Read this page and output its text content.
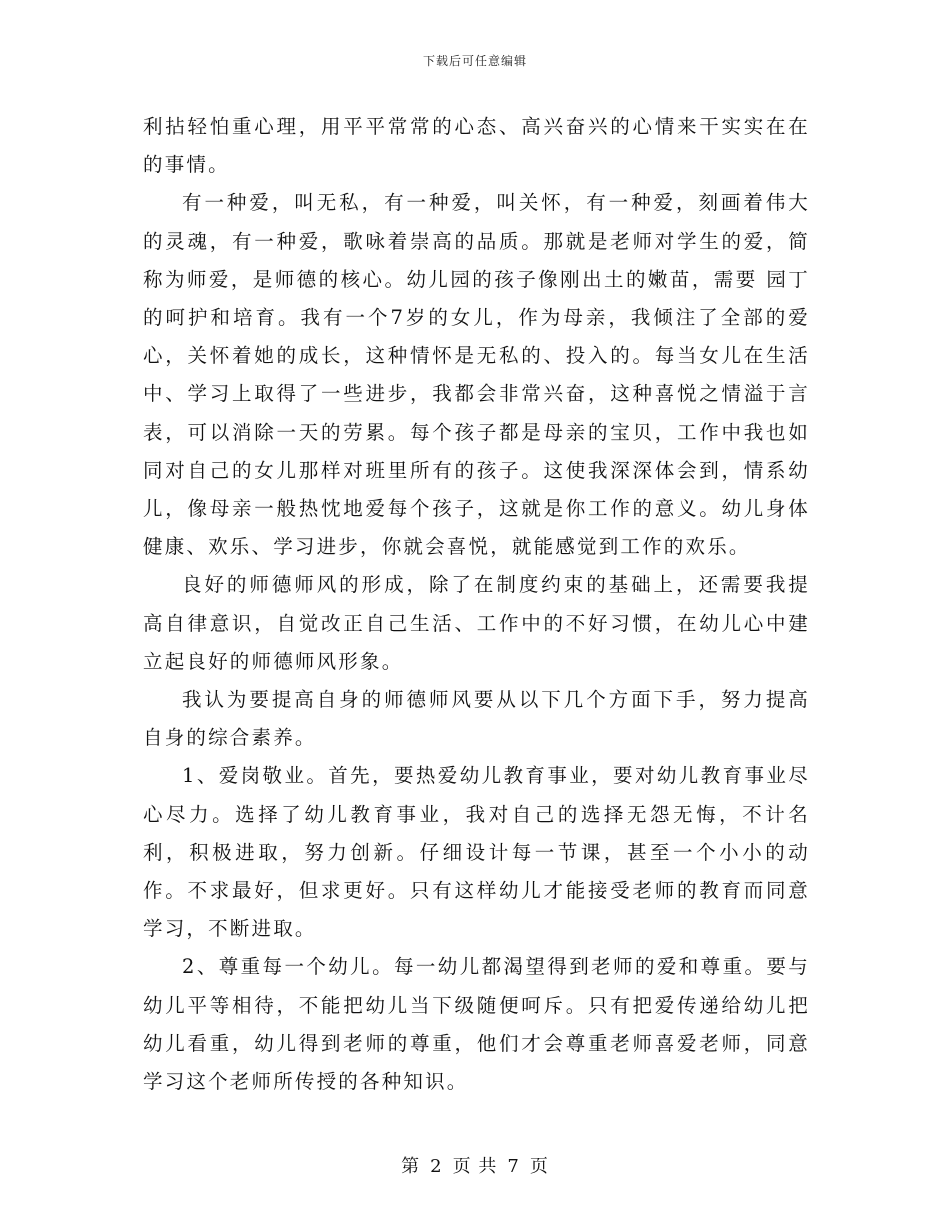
下载后可任意编辑

利拈轻怕重心理，用平平常常的心态、高兴奋兴的心情来干实实在在的事情。

有一种爱，叫无私，有一种爱，叫关怀，有一种爱，刻画着伟大的灵魂，有一种爱，歌咏着崇高的品质。那就是老师对学生的爱，简称为师爱，是师德的核心。幼儿园的孩子像刚出土的嫩苗，需要 园丁的呵护和培育。我有一个7岁的女儿，作为母亲，我倾注了全部的爱心，关怀着她的成长，这种情怀是无私的、投入的。每当女儿在生活中、学习上取得了一些进步，我都会非常兴奋，这种喜悦之情溢于言表，可以消除一天的劳累。每个孩子都是母亲的宝贝，工作中我也如同对自己的女儿那样对班里所有的孩子。这使我深深体会到，情系幼儿，像母亲一般热忱地爱每个孩子，这就是你工作的意义。幼儿身体健康、欢乐、学习进步，你就会喜悦，就能感觉到工作的欢乐。

良好的师德师风的形成，除了在制度约束的基础上，还需要我提高自律意识，自觉改正自己生活、工作中的不好习惯，在幼儿心中建立起良好的师德师风形象。

我认为要提高自身的师德师风要从以下几个方面下手，努力提高自身的综合素养。

1、爱岗敬业。首先，要热爱幼儿教育事业，要对幼儿教育事业尽心尽力。选择了幼儿教育事业，我对自己的选择无怨无悔，不计名利，积极进取，努力创新。仔细设计每一节课，甚至一个小小的动作。不求最好，但求更好。只有这样幼儿才能接受老师的教育而同意学习，不断进取。

2、尊重每一个幼儿。每一幼儿都渴望得到老师的爱和尊重。要与幼儿平等相待，不能把幼儿当下级随便呵斥。只有把爱传递给幼儿把幼儿看重，幼儿得到老师的尊重，他们才会尊重老师喜爱老师，同意学习这个老师所传授的各种知识。

第 2 页 共 7 页
